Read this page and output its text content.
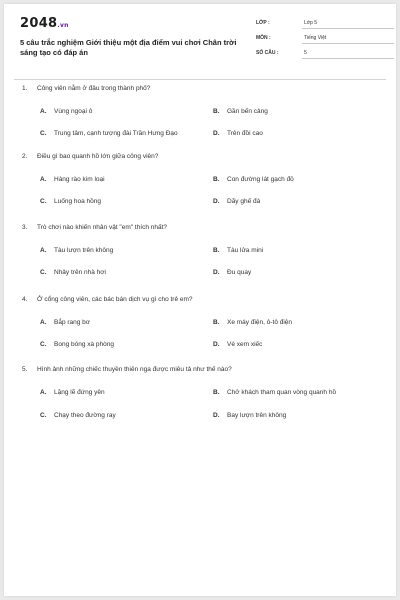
2048.vn
5 câu trắc nghiệm Giới thiệu một địa điểm vui chơi Chân trời sáng tạo có đáp án
LỚP :	Lớp 5
MÔN :	Tiếng Việt
SỐ CÂU :	5
1. Công viên nằm ở đâu trong thành phố?
A. Vùng ngoại ô	B. Gần bến cảng
C. Trung tâm, cạnh tượng đài Trần Hưng Đạo	D. Trên đồi cao
2. Điều gì bao quanh hồ lớn giữa công viên?
A. Hàng rào kim loại	B. Con đường lát gạch đỏ
C. Luống hoa hồng	D. Dãy ghế đá
3. Trò chơi nào khiến nhân vật "em" thích nhất?
A. Tàu lượn trên không	B. Tàu lửa mini
C. Nhảy trên nhà hơi	D. Đu quay
4. Ở cổng công viên, các bác bán dịch vụ gì cho trẻ em?
A. Bắp rang bơ	B. Xe máy điện, ô-tô điện
C. Bong bóng xà phòng	D. Vé xem xiếc
5. Hình ảnh những chiếc thuyền thiên nga được miêu tả như thế nào?
A. Lặng lẽ đứng yên	B. Chở khách tham quan vòng quanh hồ
C. Chạy theo đường ray	D. Bay lượn trên không
